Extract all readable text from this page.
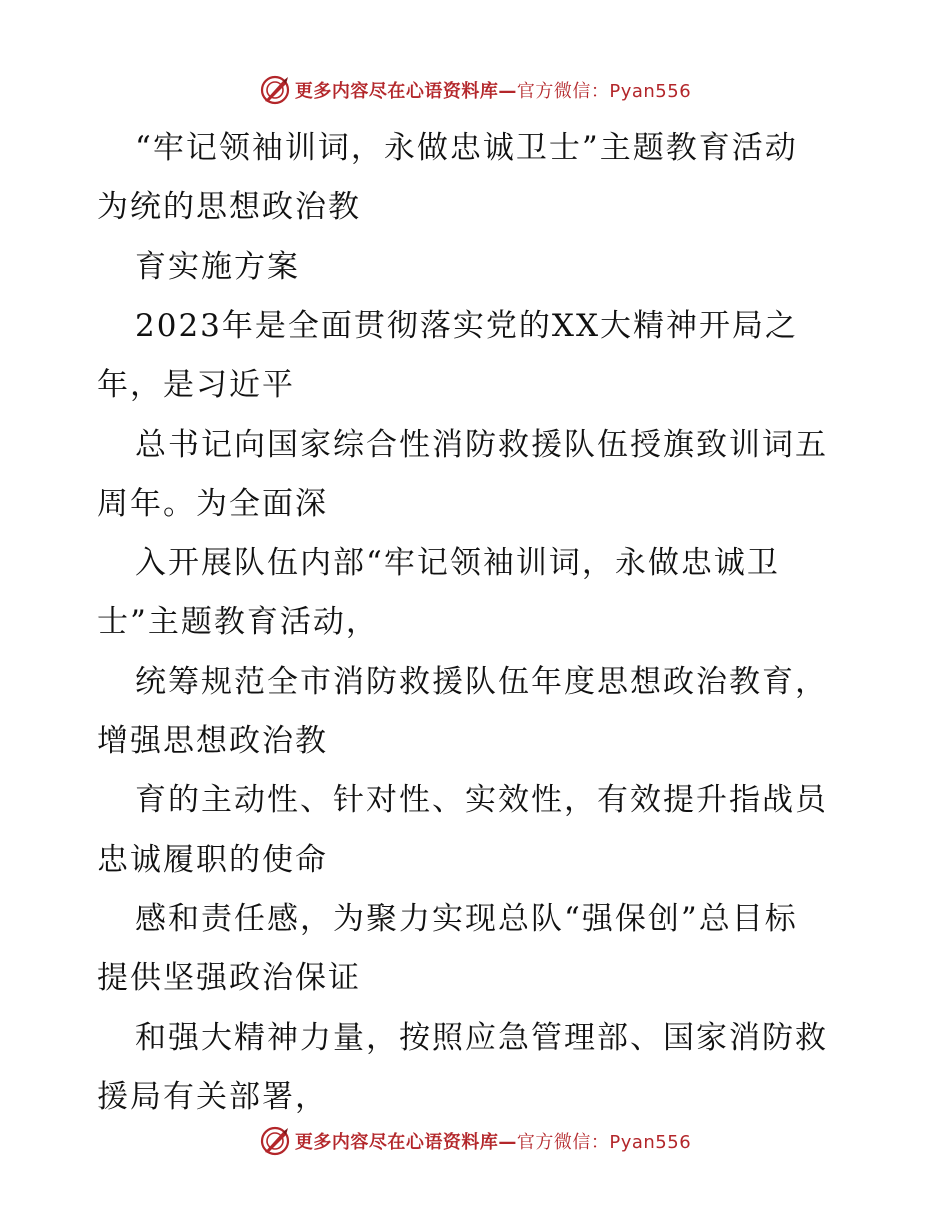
更多内容尽在心语资料库—官方微信：Pyan556
“牢记领袖训词，永做忠诚卫士”主题教育活动
为统的思想政治教
育实施方案
2023年是全面贯彻落实党的XX大精神开局之
年，是习近平
总书记向国家综合性消防救援队伍授旗致训词五
周年。为全面深
入开展队伍内部“牢记领袖训词，永做忠诚卫
士”主题教育活动，
统筹规范全市消防救援队伍年度思想政治教育，
增强思想政治教
育的主动性、针对性、实效性，有效提升指战员
忠诚履职的使命
感和责任感，为聚力实现总队“强保创”总目标
提供坚强政治保证
和强大精神力量，按照应急管理部、国家消防救
援局有关部署，
更多内容尽在心语资料库—官方微信：Pyan556
